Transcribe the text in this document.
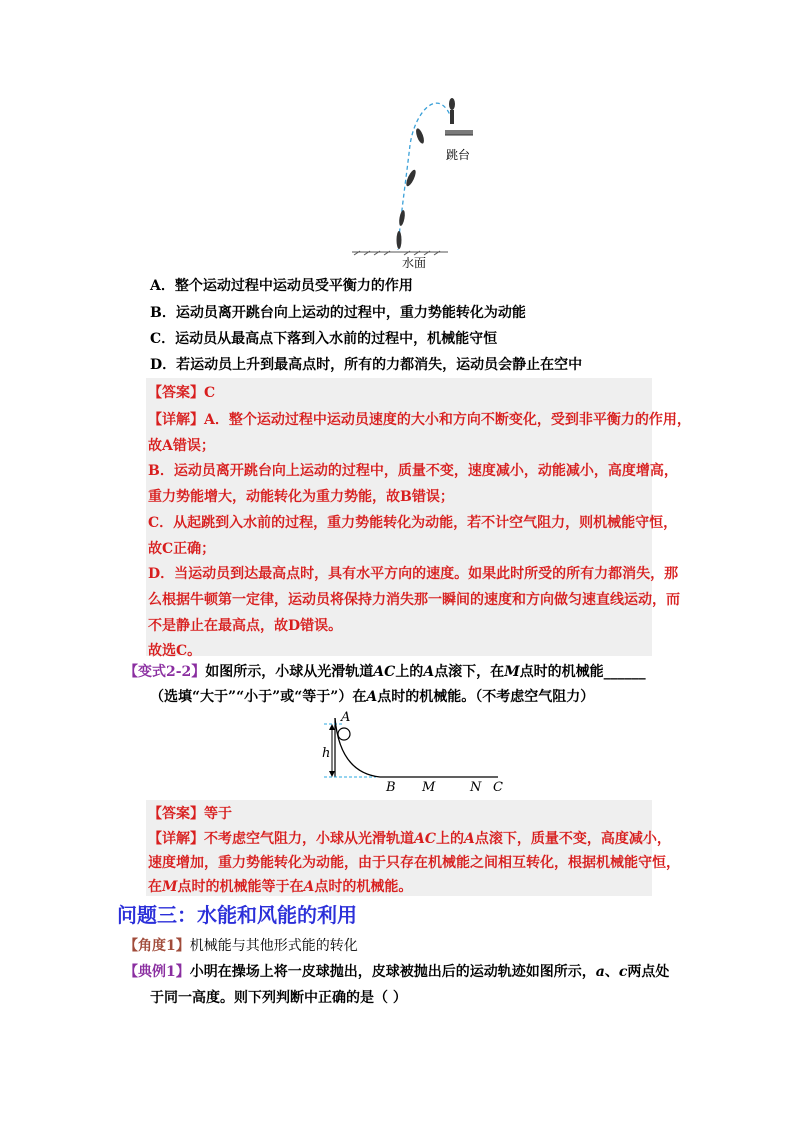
跳台
水面
A．整个运动过程中运动员受平衡力的作用
B．运动员离开跳台向上运动的过程中，重力势能转化为动能
C．运动员从最高点下落到入水前的过程中，机械能守恒
D．若运动员上升到最高点时，所有的力都消失，运动员会静止在空中
【答案】C
【详解】A．整个运动过程中运动员速度的大小和方向不断变化，受到非平衡力的作用，
故A错误；
B．运动员离开跳台向上运动的过程中，质量不变，速度减小，动能减小，高度增高，
重力势能增大，动能转化为重力势能，故B错误；
C．从起跳到入水前的过程，重力势能转化为动能，若不计空气阻力，则机械能守恒，
故C正确；
D．当运动员到达最高点时，具有水平方向的速度。如果此时所受的所有力都消失，那
么根据牛顿第一定律，运动员将保持力消失那一瞬间的速度和方向做匀速直线运动，而
不是静止在最高点，故D错误。
故选C。
【变式2-2】如图所示，小球从光滑轨道AC上的A点滚下，在M点时的机械能______
（选填“大于”“小于”或“等于”）在A点时的机械能。（不考虑空气阻力）
A
h
B M	N C
【答案】等于
【详解】不考虑空气阻力，小球从光滑轨道AC上的A点滚下，质量不变，高度减小，
速度增加，重力势能转化为动能，由于只存在机械能之间相互转化，根据机械能守恒，
在M点时的机械能等于在A点时的机械能。
问题三：水能和风能的利用
【角度1】机械能与其他形式能的转化
【典例1】小明在操场上将一皮球抛出，皮球被抛出后的运动轨迹如图所示，a、c两点处
于同一高度。则下列判断中正确的是（ ）
